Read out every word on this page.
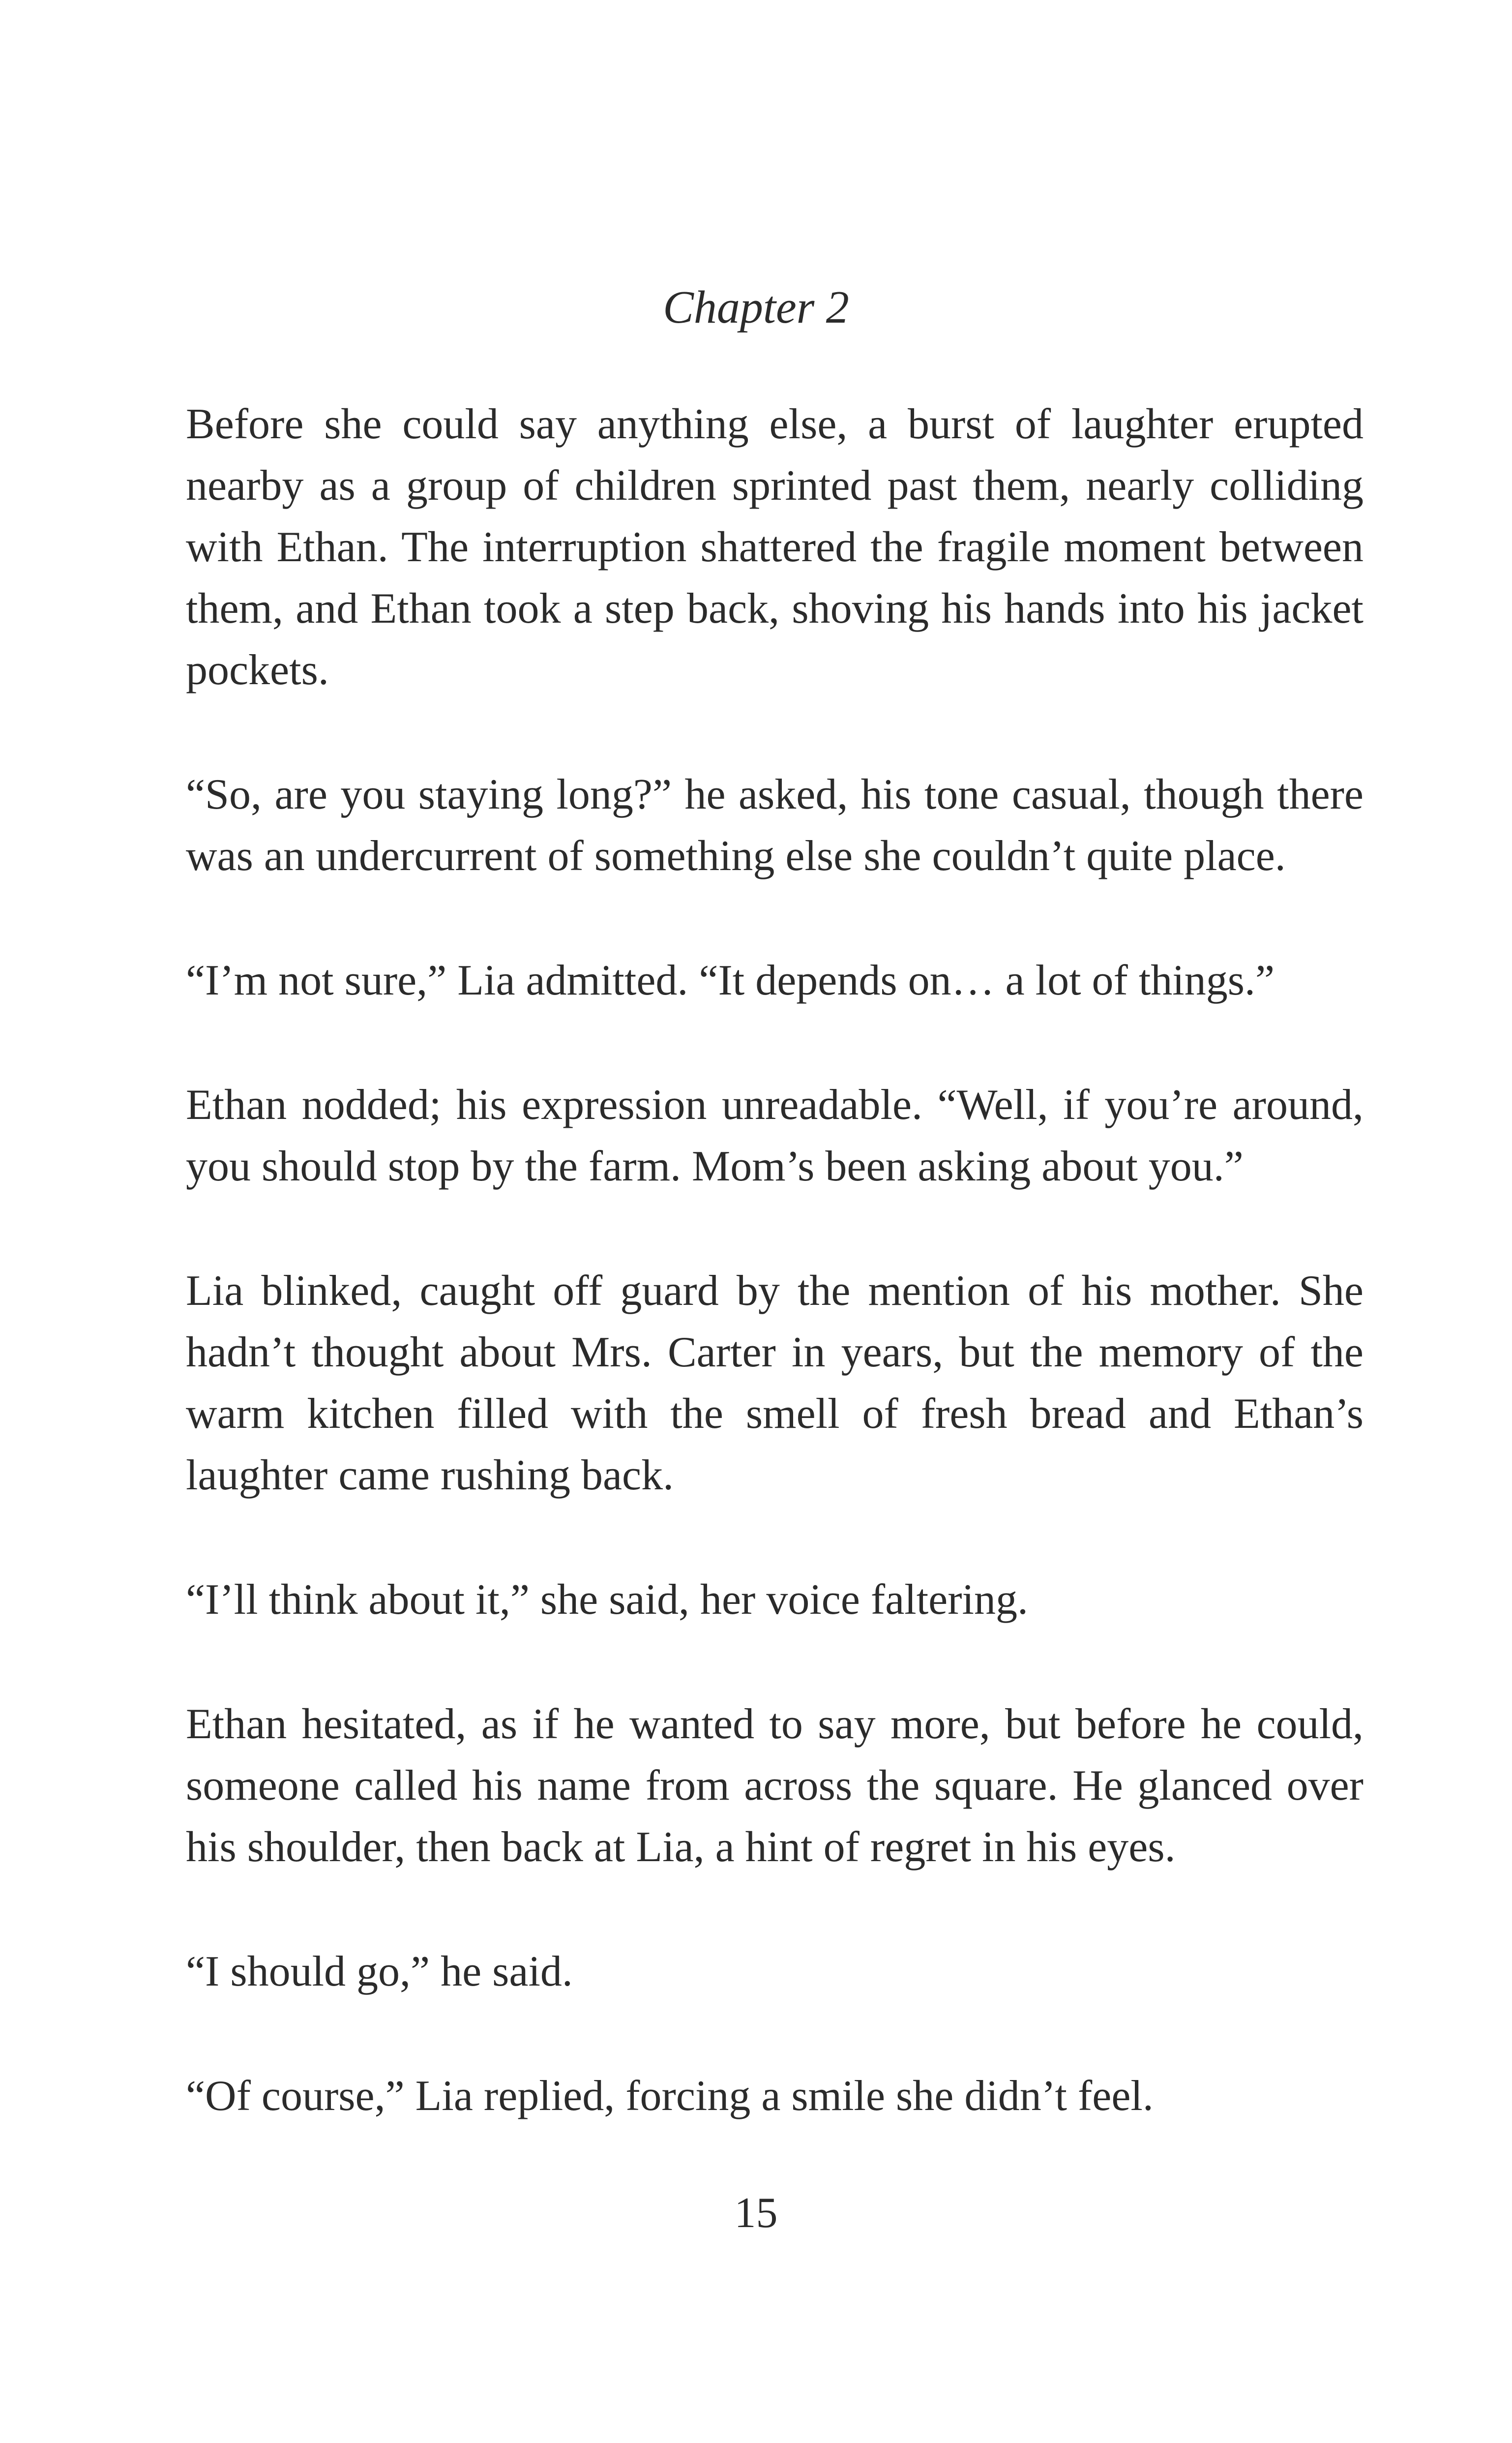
Chapter 2

Before she could say anything else, a burst of laughter erupted nearby as a group of children sprinted past them, nearly colliding with Ethan. The interruption shattered the fragile moment between them, and Ethan took a step back, shoving his hands into his jacket pockets.

“So, are you staying long?” he asked, his tone casual, though there was an undercurrent of something else she couldn’t quite place.

“I’m not sure,” Lia admitted. “It depends on… a lot of things.”

Ethan nodded; his expression unreadable. “Well, if you’re around, you should stop by the farm. Mom’s been asking about you.”

Lia blinked, caught off guard by the mention of his mother. She hadn’t thought about Mrs. Carter in years, but the memory of the warm kitchen filled with the smell of fresh bread and Ethan’s laughter came rushing back.

“I’ll think about it,” she said, her voice faltering.

Ethan hesitated, as if he wanted to say more, but before he could, someone called his name from across the square. He glanced over his shoulder, then back at Lia, a hint of regret in his eyes.

“I should go,” he said.

“Of course,” Lia replied, forcing a smile she didn’t feel.

15
